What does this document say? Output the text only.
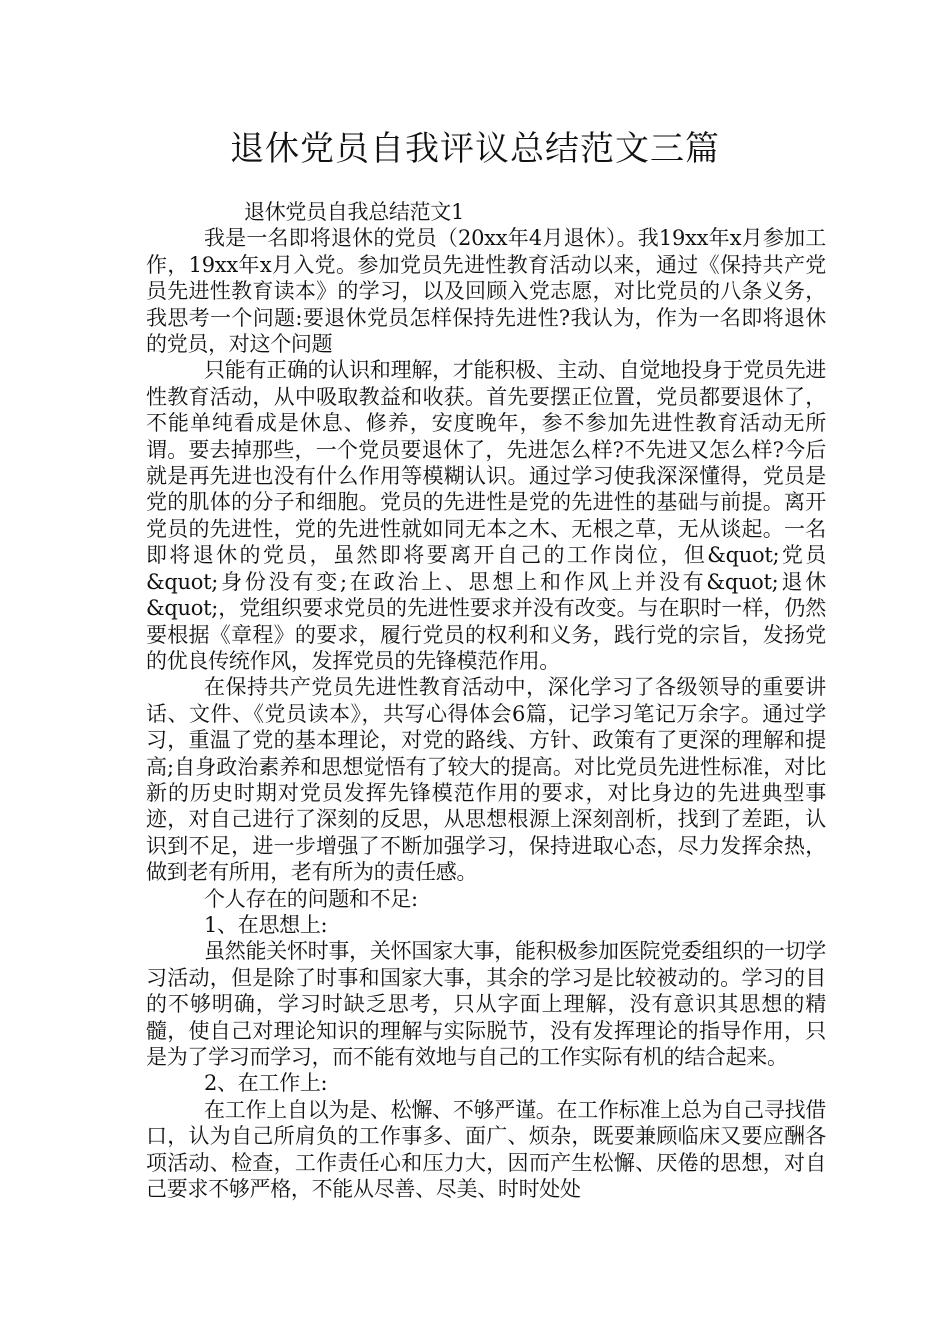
退休党员自我评议总结范文三篇

退休党员自我总结范文1

我是一名即将退休的党员（20xx年4月退休）。我19xx年x月参加工作，19xx年x月入党。参加党员先进性教育活动以来，通过《保持共产党员先进性教育读本》的学习，以及回顾入党志愿，对比党员的八条义务，我思考一个问题:要退休党员怎样保持先进性?我认为，作为一名即将退休的党员，对这个问题

只能有正确的认识和理解，才能积极、主动、自觉地投身于党员先进性教育活动，从中吸取教益和收获。首先要摆正位置，党员都要退休了，不能单纯看成是休息、修养，安度晚年，参不参加先进性教育活动无所谓。要去掉那些，一个党员要退休了，先进怎么样?不先进又怎么样?今后就是再先进也没有什么作用等模糊认识。通过学习使我深深懂得，党员是党的肌体的分子和细胞。党员的先进性是党的先进性的基础与前提。离开党员的先进性，党的先进性就如同无本之木、无根之草，无从谈起。一名即将退休的党员，虽然即将要离开自己的工作岗位，但&quot;党员&quot;身份没有变;在政治上、思想上和作风上并没有&quot;退休&quot;，党组织要求党员的先进性要求并没有改变。与在职时一样，仍然要根据《章程》的要求，履行党员的权利和义务，践行党的宗旨，发扬党的优良传统作风，发挥党员的先锋模范作用。

在保持共产党员先进性教育活动中，深化学习了各级领导的重要讲话、文件、《党员读本》，共写心得体会6篇，记学习笔记万余字。通过学习，重温了党的基本理论，对党的路线、方针、政策有了更深的理解和提高;自身政治素养和思想觉悟有了较大的提高。对比党员先进性标准，对比新的历史时期对党员发挥先锋模范作用的要求，对比身边的先进典型事迹，对自己进行了深刻的反思，从思想根源上深刻剖析，找到了差距，认识到不足，进一步增强了不断加强学习，保持进取心态，尽力发挥余热，做到老有所用，老有所为的责任感。

个人存在的问题和不足:

1、在思想上:

虽然能关怀时事，关怀国家大事，能积极参加医院党委组织的一切学习活动，但是除了时事和国家大事，其余的学习是比较被动的。学习的目的不够明确，学习时缺乏思考，只从字面上理解，没有意识其思想的精髓，使自己对理论知识的理解与实际脱节，没有发挥理论的指导作用，只是为了学习而学习，而不能有效地与自己的工作实际有机的结合起来。

2、在工作上:

在工作上自以为是、松懈、不够严谨。在工作标准上总为自己寻找借口，认为自己所肩负的工作事多、面广、烦杂，既要兼顾临床又要应酬各项活动、检查，工作责任心和压力大，因而产生松懈、厌倦的思想，对自己要求不够严格，不能从尽善、尽美、时时处处
